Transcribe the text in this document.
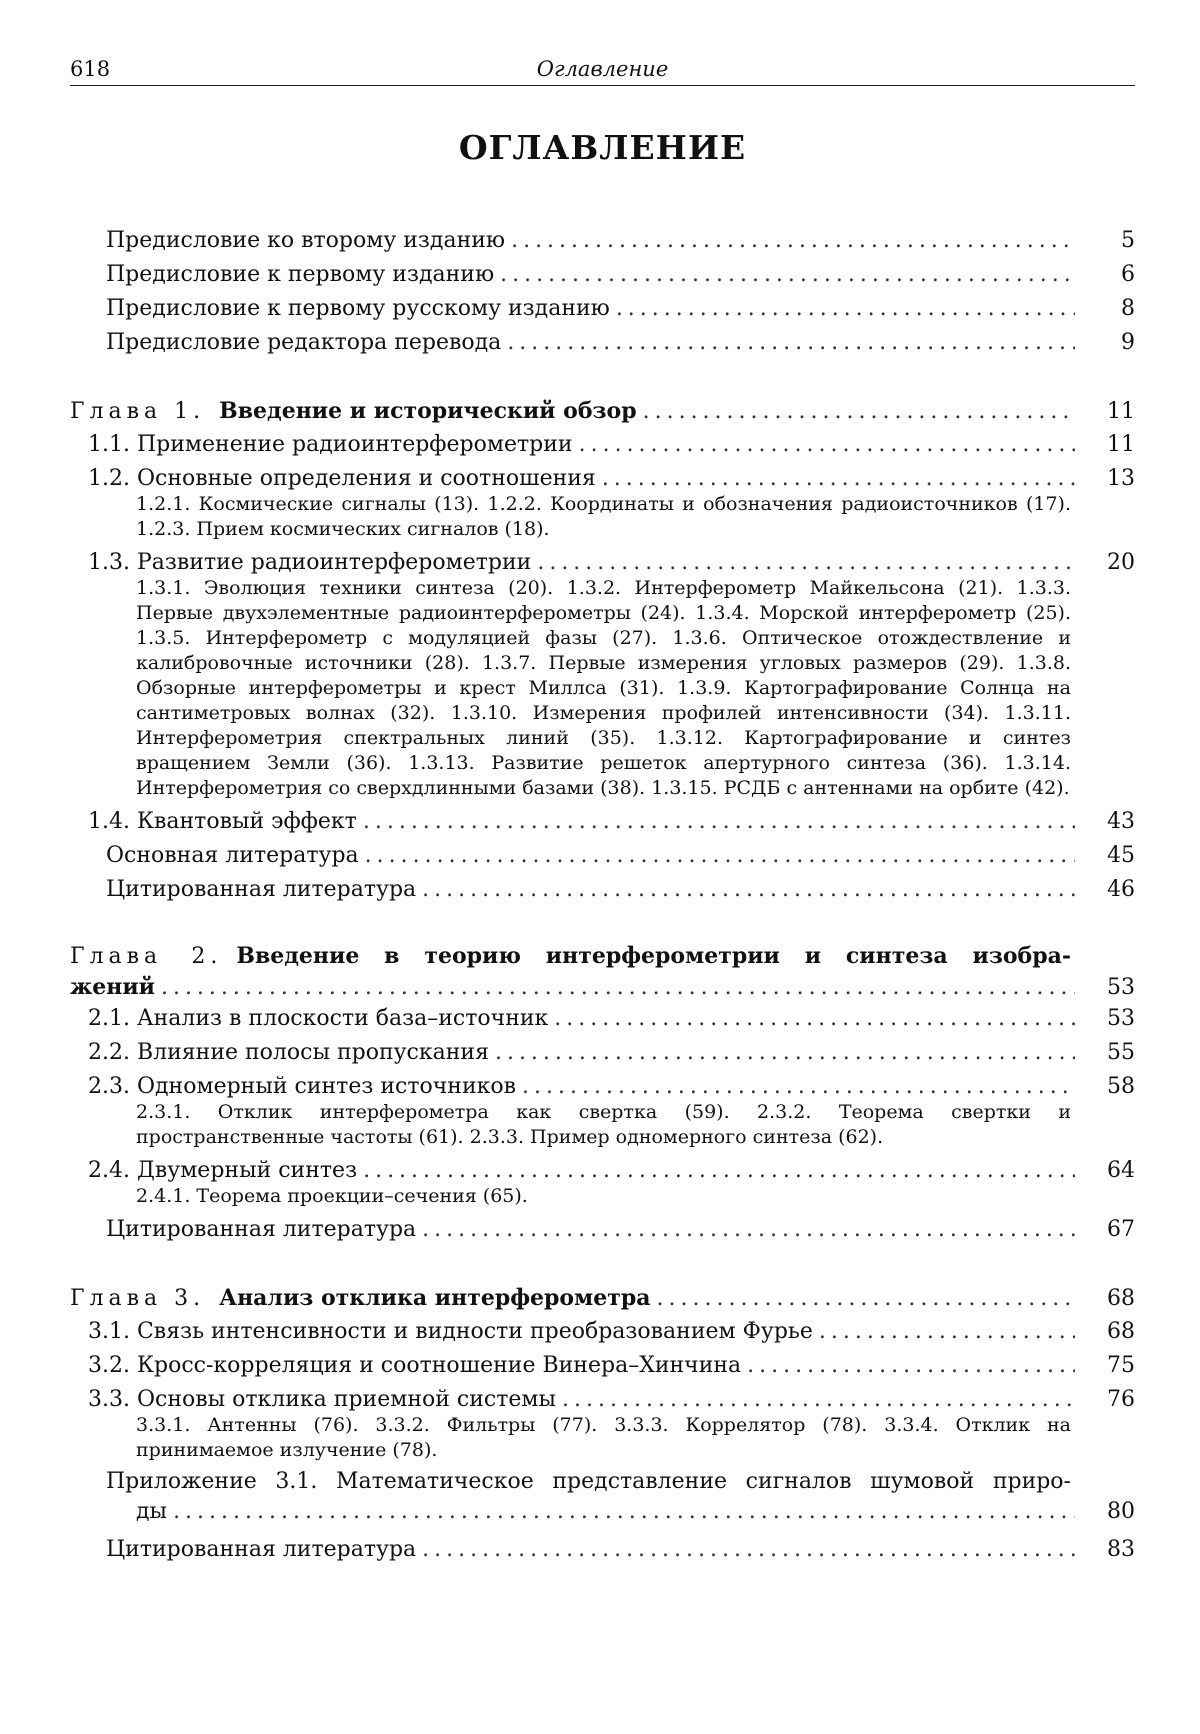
618	Оглавление
ОГЛАВЛЕНИЕ
Предисловие ко второму изданию .....	5
Предисловие к первому изданию .....	6
Предисловие к первому русскому изданию .....	8
Предисловие редактора перевода .....	9
Глава 1. Введение и исторический обзор .....	11
1.1. Применение радиоинтерферометрии .....	11
1.2. Основные определения и соотношения .....	13
1.2.1. Космические сигналы (13). 1.2.2. Координаты и обозначения радиоисточников (17). 1.2.3. Прием космических сигналов (18).
1.3. Развитие радиоинтерферометрии .....	20
1.3.1. Эволюция техники синтеза (20). 1.3.2. Интерферометр Майкельсона (21). 1.3.3. Первые двухэлементные радиоинтерферометры (24). 1.3.4. Морской интерферометр (25). 1.3.5. Интерферометр с модуляцией фазы (27). 1.3.6. Оптическое отождествление и калибровочные источники (28). 1.3.7. Первые измерения угловых размеров (29). 1.3.8. Обзорные интерферометры и крест Миллса (31). 1.3.9. Картографирование Солнца на сантиметровых волнах (32). 1.3.10. Измерения профилей интенсивности (34). 1.3.11. Интерферометрия спектральных линий (35). 1.3.12. Картографирование и синтез вращением Земли (36). 1.3.13. Развитие решеток апертурного синтеза (36). 1.3.14. Интерферометрия со сверхдлинными базами (38). 1.3.15. РСДБ с антеннами на орбите (42).
1.4. Квантовый эффект .....	43
Основная литература .....	45
Цитированная литература .....	46
Глава 2. Введение в теорию интерферометрии и синтеза изобра-
жений .....	53
2.1. Анализ в плоскости база–источник .....	53
2.2. Влияние полосы пропускания .....	55
2.3. Одномерный синтез источников .....	58
2.3.1. Отклик интерферометра как свертка (59). 2.3.2. Теорема свертки и пространственные частоты (61). 2.3.3. Пример одномерного синтеза (62).
2.4. Двумерный синтез .....	64
2.4.1. Теорема проекции–сечения (65).
Цитированная литература .....	67
Глава 3. Анализ отклика интерферометра .....	68
3.1. Связь интенсивности и видности преобразованием Фурье .....	68
3.2. Кросс-корреляция и соотношение Винера–Хинчина .....	75
3.3. Основы отклика приемной системы .....	76
3.3.1. Антенны (76). 3.3.2. Фильтры (77). 3.3.3. Коррелятор (78). 3.3.4. Отклик на принимаемое излучение (78).
Приложение 3.1. Математическое представление сигналов шумовой приро-
ды .....	80
Цитированная литература .....	83
